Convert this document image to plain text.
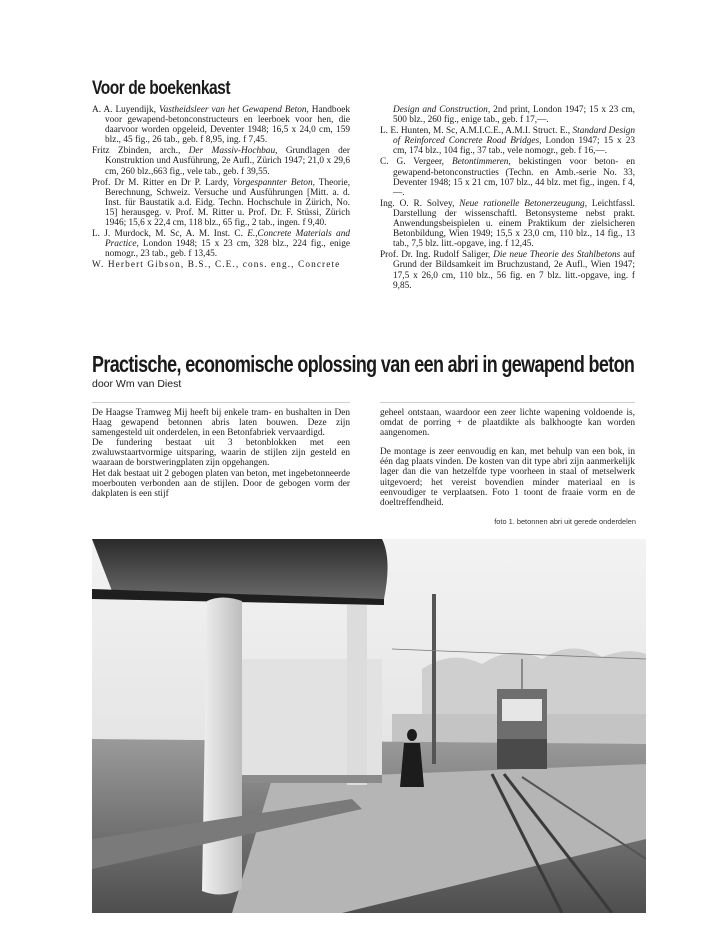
Voor de boekenkast

A. A. Luyendijk, Vastheidsleer van het Gewapend Beton, Handboek voor gewapend-betonconstructeurs en leerboek voor hen, die daarvoor worden opgeleid, Deventer 1948; 16,5 x 24,0 cm, 159 blz., 45 fig., 26 tab., geb. f 8,95, ing. f 7,45.

Fritz Zbinden, arch., Der Massiv-Hochbau, Grundlagen der Konstruktion und Ausführung, 2e Aufl., Zürich 1947; 21,0 x 29,6 cm, 260 blz.,663 fig., vele tab., geb. f 39,55.

Prof. Dr M. Ritter en Dr P. Lardy, Vorgespannter Beton, Theorie, Berechnung, Schweiz. Versuche und Ausführungen [Mitt. a. d. Inst. für Baustatik a.d. Eidg. Techn. Hochschule in Zürich, No. 15] herausgeg. v. Prof. M. Ritter u. Prof. Dr. F. Stüssi, Zürich 1946; 15,6 x 22,4 cm, 118 blz., 65 fig., 2 tab., ingen. f 9,40.

L. J. Murdock, M. Sc, A. M. Inst. C. E.,Concrete Materials and Practice, London 1948; 15 x 23 cm, 328 blz., 224 fig., enige nomogr., 23 tab., geb. f 13,45.

W. Herbert Gibson, B.S., C.E., cons. eng., Concrete

Design and Construction, 2nd print, London 1947; 15 x 23 cm, 500 blz., 260 fig., enige tab., geb. f 17,—.

L. E. Hunten, M. Sc, A.M.I.C.E., A.M.I. Struct. E., Standard Design of Reinforced Concrete Road Bridges, London 1947; 15 x 23 cm, 174 blz., 104 fig., 37 tab., vele nomogr., geb. f 16,—.

C. G. Vergeer, Betontimmeren, bekistingen voor beton- en gewapend-betonconstructies (Techn. en Amb.-serie No. 33, Deventer 1948; 15 x 21 cm, 107 blz., 44 blz. met fig., ingen. f 4,—.

Ing. O. R. Solvey, Neue rationelle Betonerzeugung, Leichtfassl. Darstellung der wissenschaftl. Betonsysteme nebst prakt. Anwendungsbeispielen u. einem Praktikum der zielsicheren Betonbildung, Wien 1949; 15,5 x 23,0 cm, 110 blz., 14 fig., 13 tab., 7,5 blz. litt.-opgave, ing. f 12,45.

Prof. Dr. Ing. Rudolf Saliger, Die neue Theorie des Stahlbetons auf Grund der Bildsamkeit im Bruchzustand, 2e Aufl., Wien 1947; 17,5 x 26,0 cm, 110 blz., 56 fig. en 7 blz. litt.-opgave, ing. f 9,85.

Practische, economische oplossing van een abri in gewapend beton
door Wm van Diest

De Haagse Tramweg Mij heeft bij enkele tram- en bushalten in Den Haag gewapend betonnen abris laten bouwen. Deze zijn samengesteld uit onderdelen, in een Betonfabriek vervaardigd.

De fundering bestaat uit 3 betonblokken met een zwaluwstaartvormige uitsparing, waarin de stijlen zijn gesteld en waaraan de borstweringplaten zijn opgehangen.

Het dak bestaat uit 2 gebogen platen van beton, met ingebetonneerde moerbouten verbonden aan de stijlen. Door de gebogen vorm der dakplaten is een stijf

geheel ontstaan, waardoor een zeer lichte wapening voldoende is, omdat de porring + de plaatdikte als balkhoogte kan worden aangenomen.

De montage is zeer eenvoudig en kan, met behulp van een bok, in één dag plaats vinden. De kosten van dit type abri zijn aanmerkelijk lager dan die van hetzelfde type voorheen in staal of metselwerk uitgevoerd; het vereist bovendien minder materiaal en is eenvoudiger te verplaatsen. Foto 1 toont de fraaie vorm en de doeltreffendheid.

foto 1. betonnen abri uit gerede onderdelen
